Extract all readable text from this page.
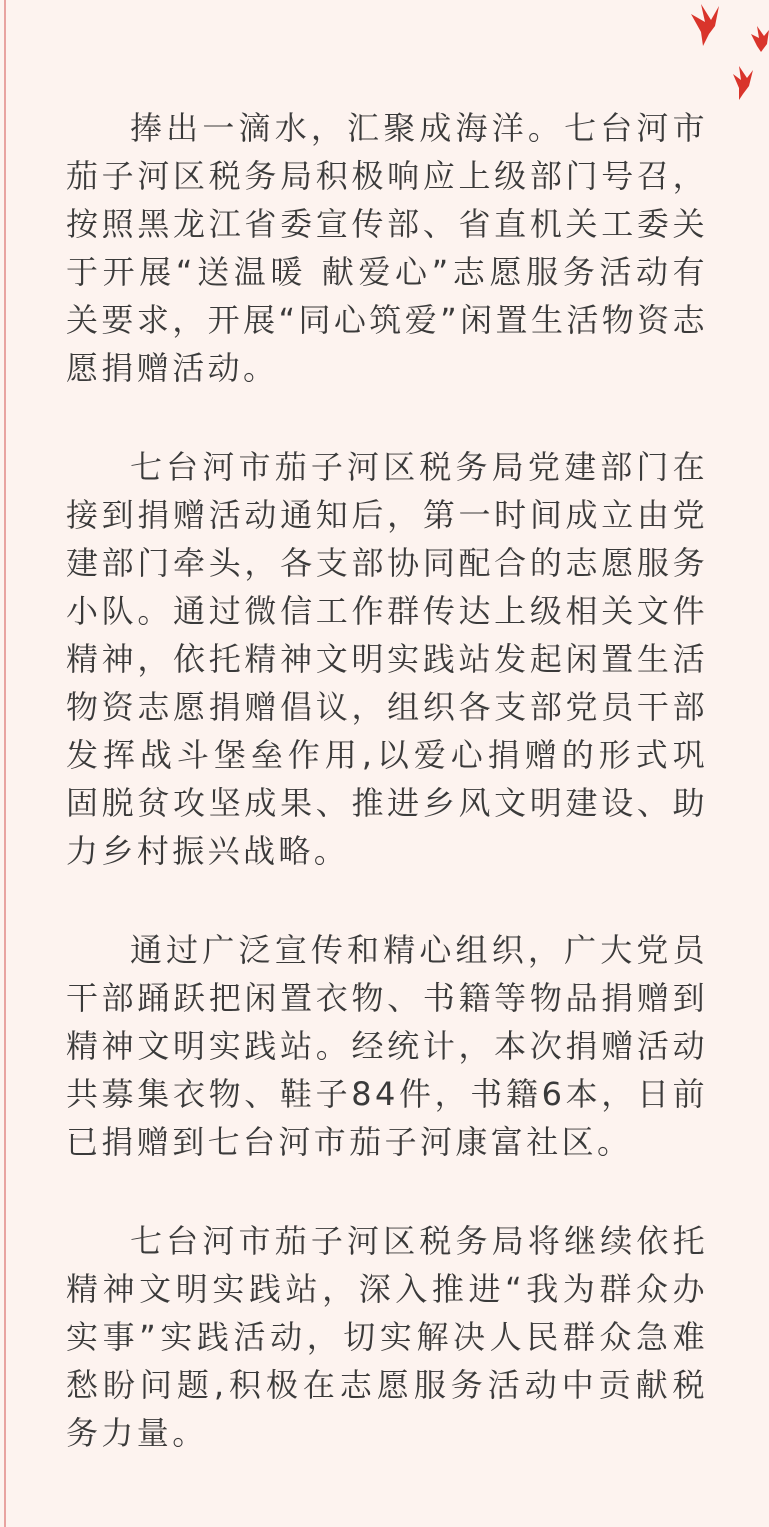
捧出一滴水，汇聚成海洋。七台河市茄子河区税务局积极响应上级部门号召，按照黑龙江省委宣传部、省直机关工委关于开展“送温暖 献爱心”志愿服务活动有关要求，开展“同心筑爱”闲置生活物资志愿捐赠活动。

七台河市茄子河区税务局党建部门在接到捐赠活动通知后，第一时间成立由党建部门牵头，各支部协同配合的志愿服务小队。通过微信工作群传达上级相关文件精神，依托精神文明实践站发起闲置生活物资志愿捐赠倡议，组织各支部党员干部发挥战斗堡垒作用,以爱心捐赠的形式巩固脱贫攻坚成果、推进乡风文明建设、助力乡村振兴战略。

通过广泛宣传和精心组织，广大党员干部踊跃把闲置衣物、书籍等物品捐赠到精神文明实践站。经统计，本次捐赠活动共募集衣物、鞋子84件，书籍6本，日前已捐赠到七台河市茄子河康富社区。

七台河市茄子河区税务局将继续依托精神文明实践站，深入推进“我为群众办实事”实践活动，切实解决人民群众急难愁盼问题,积极在志愿服务活动中贡献税务力量。
